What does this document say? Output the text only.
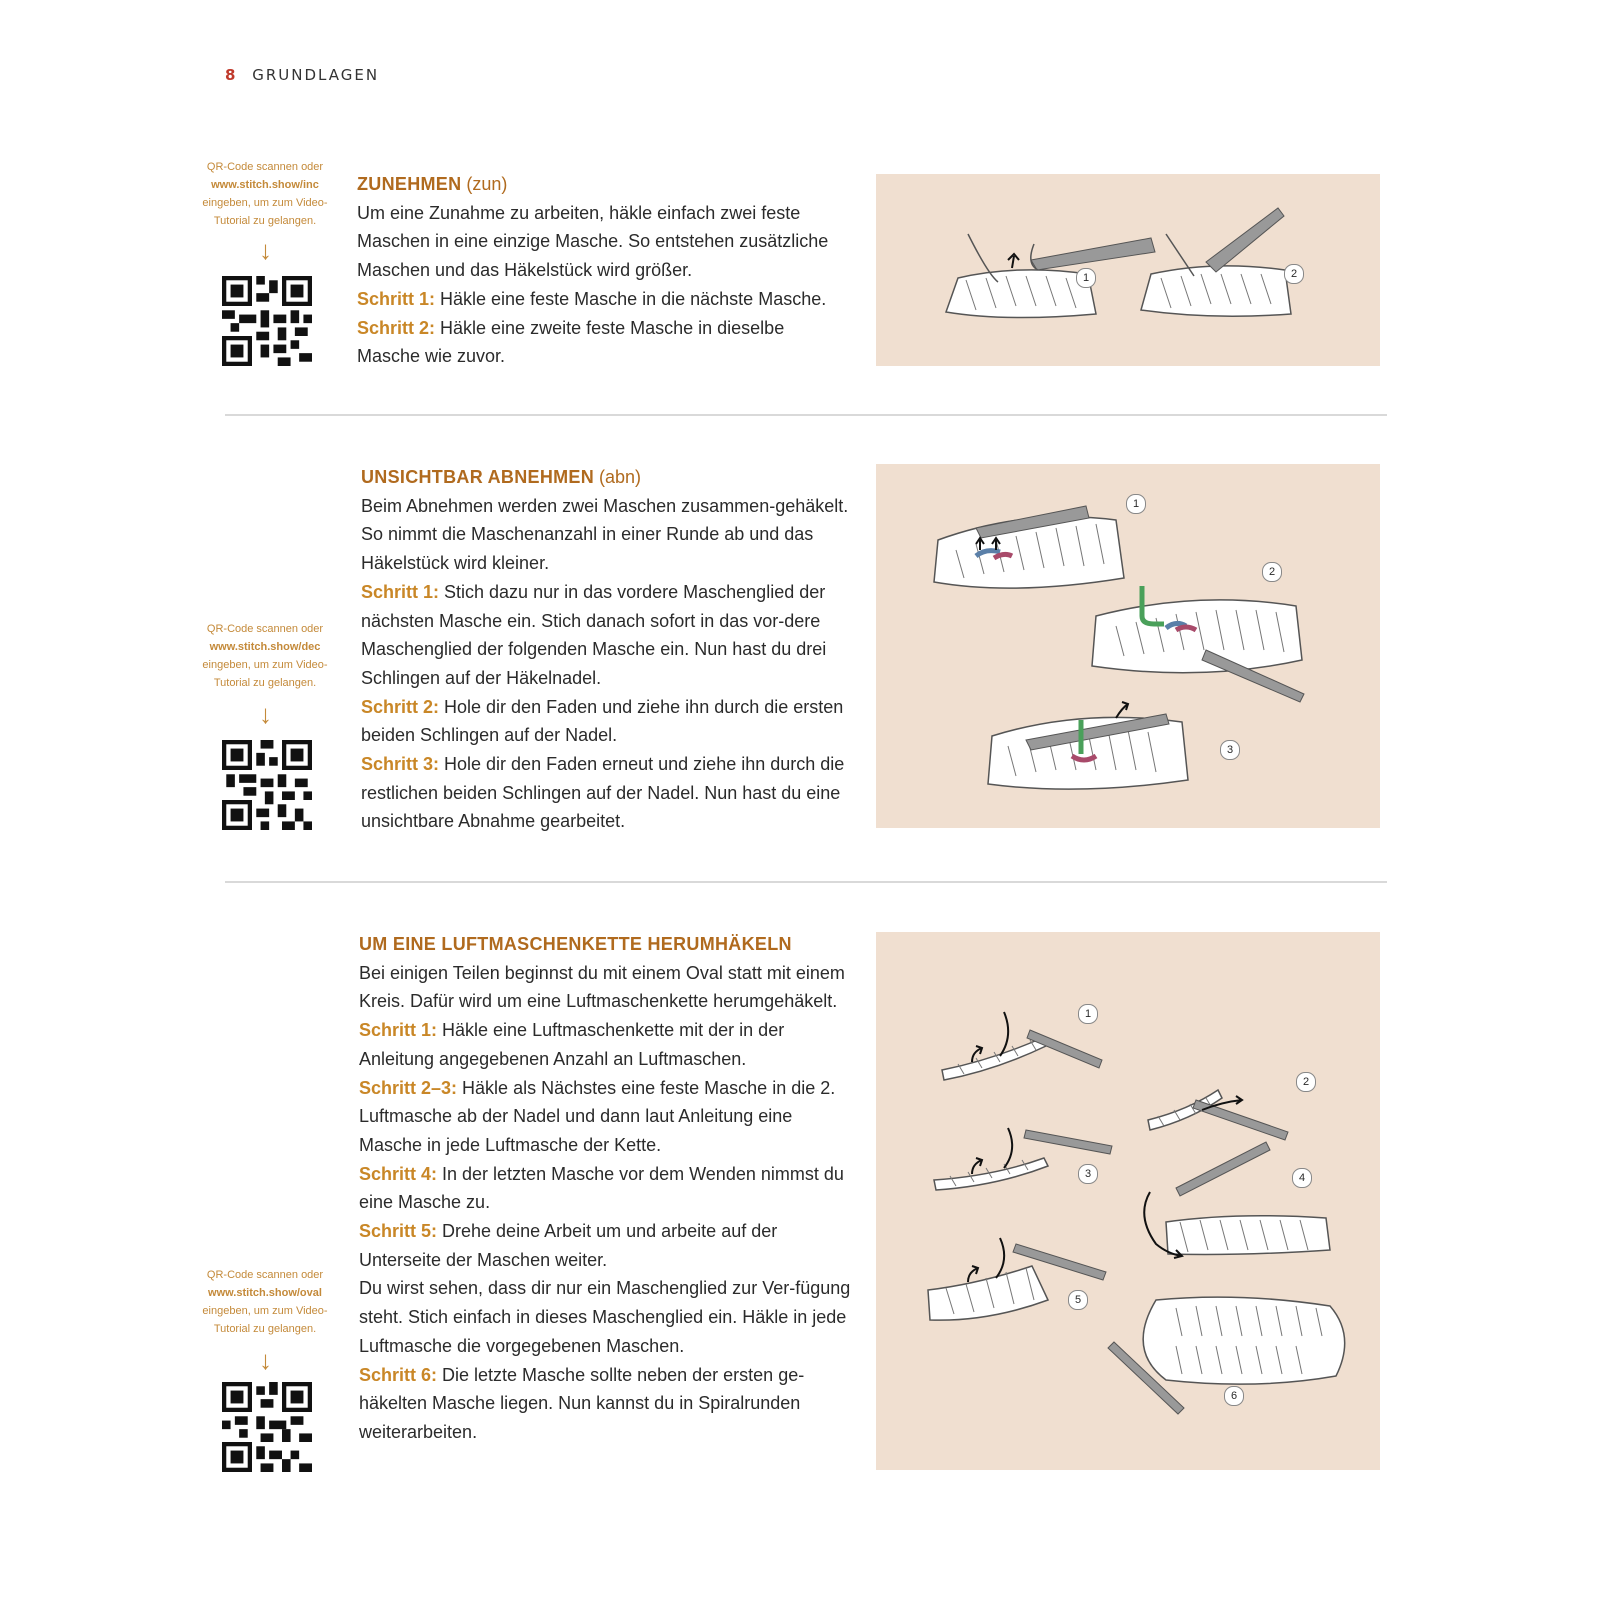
8 GRUNDLAGEN
QR-Code scannen oder
www.stitch.show/inc
eingeben, um zum Video-
Tutorial zu gelangen.
↓

ZUNEHMEN (zun)

Um eine Zunahme zu arbeiten, häkle einfach zwei feste Maschen in eine einzige Masche. So entstehen zusätzliche Maschen und das Häkelstück wird größer.

Schritt 1: Häkle eine feste Masche in die nächste Masche.

Schritt 2: Häkle eine zweite feste Masche in dieselbe Masche wie zuvor.

1	2
QR-Code scannen oder
www.stitch.show/dec
eingeben, um zum Video-
Tutorial zu gelangen.
↓

UNSICHTBAR ABNEHMEN (abn)

Beim Abnehmen werden zwei Maschen zusammen-gehäkelt. So nimmt die Maschenanzahl in einer Runde ab und das Häkelstück wird kleiner.

Schritt 1: Stich dazu nur in das vordere Maschenglied der nächsten Masche ein. Stich danach sofort in das vor-dere Maschenglied der folgenden Masche ein. Nun hast du drei Schlingen auf der Häkelnadel.

Schritt 2: Hole dir den Faden und ziehe ihn durch die ersten beiden Schlingen auf der Nadel.

Schritt 3: Hole dir den Faden erneut und ziehe ihn durch die restlichen beiden Schlingen auf der Nadel. Nun hast du eine unsichtbare Abnahme gearbeitet.

1
2
3
QR-Code scannen oder
www.stitch.show/oval
eingeben, um zum Video-
Tutorial zu gelangen.
↓

UM EINE LUFTMASCHENKETTE HERUMHÄKELN

Bei einigen Teilen beginnst du mit einem Oval statt mit einem Kreis. Dafür wird um eine Luftmaschenkette herumgehäkelt.

Schritt 1: Häkle eine Luftmaschenkette mit der in der Anleitung angegebenen Anzahl an Luftmaschen.

Schritt 2–3: Häkle als Nächstes eine feste Masche in die 2. Luftmasche ab der Nadel und dann laut Anleitung eine Masche in jede Luftmasche der Kette.

Schritt 4: In der letzten Masche vor dem Wenden nimmst du eine Masche zu.

Schritt 5: Drehe deine Arbeit um und arbeite auf der Unterseite der Maschen weiter.

Du wirst sehen, dass dir nur ein Maschenglied zur Ver-fügung steht. Stich einfach in dieses Maschenglied ein. Häkle in jede Luftmasche die vorgegebenen Maschen.

Schritt 6: Die letzte Masche sollte neben der ersten ge-häkelten Masche liegen. Nun kannst du in Spiralrunden weiterarbeiten.

1
2
3	4
5
6
